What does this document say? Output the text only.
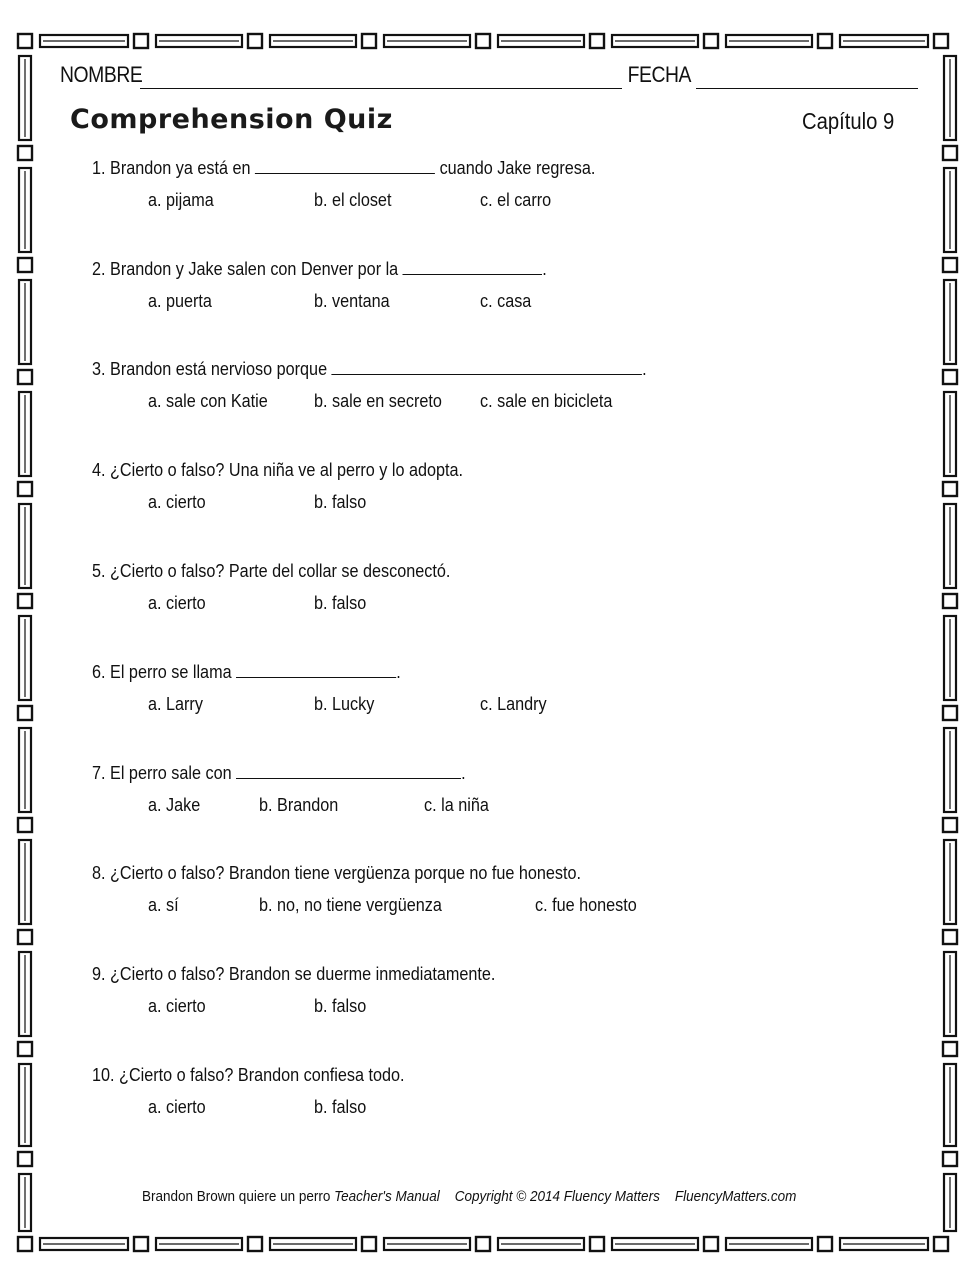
NOMBRE	FECHA
Comprehension Quiz	Capítulo 9
1. Brandon ya está en	cuando Jake regresa.
a. pijama	b. el closet	c. el carro
2. Brandon y Jake salen con Denver por la	.
a. puerta	b. ventana	c. casa
3. Brandon está nervioso porque	.
a. sale con Katie	b. sale en secreto c. sale en bicicleta
4. ¿Cierto o falso? Una niña ve al perro y lo adopta.
a. cierto	b. falso
5. ¿Cierto o falso? Parte del collar se desconectó.
a. cierto	b. falso
6. El perro se llama	.
a. Larry	b. Lucky	c. Landry
7. El perro sale con	.
a. Jake	b. Brandon	c. la niña
8. ¿Cierto o falso? Brandon tiene vergüenza porque no fue honesto.
a. sí	b. no, no tiene vergüenza	c. fue honesto
9. ¿Cierto o falso? Brandon se duerme inmediatamente.
a. cierto	b. falso
10. ¿Cierto o falso? Brandon confiesa todo.
a. cierto	b. falso
Brandon Brown quiere un perro Teacher's Manual Copyright © 2014 Fluency Matters FluencyMatters.com
